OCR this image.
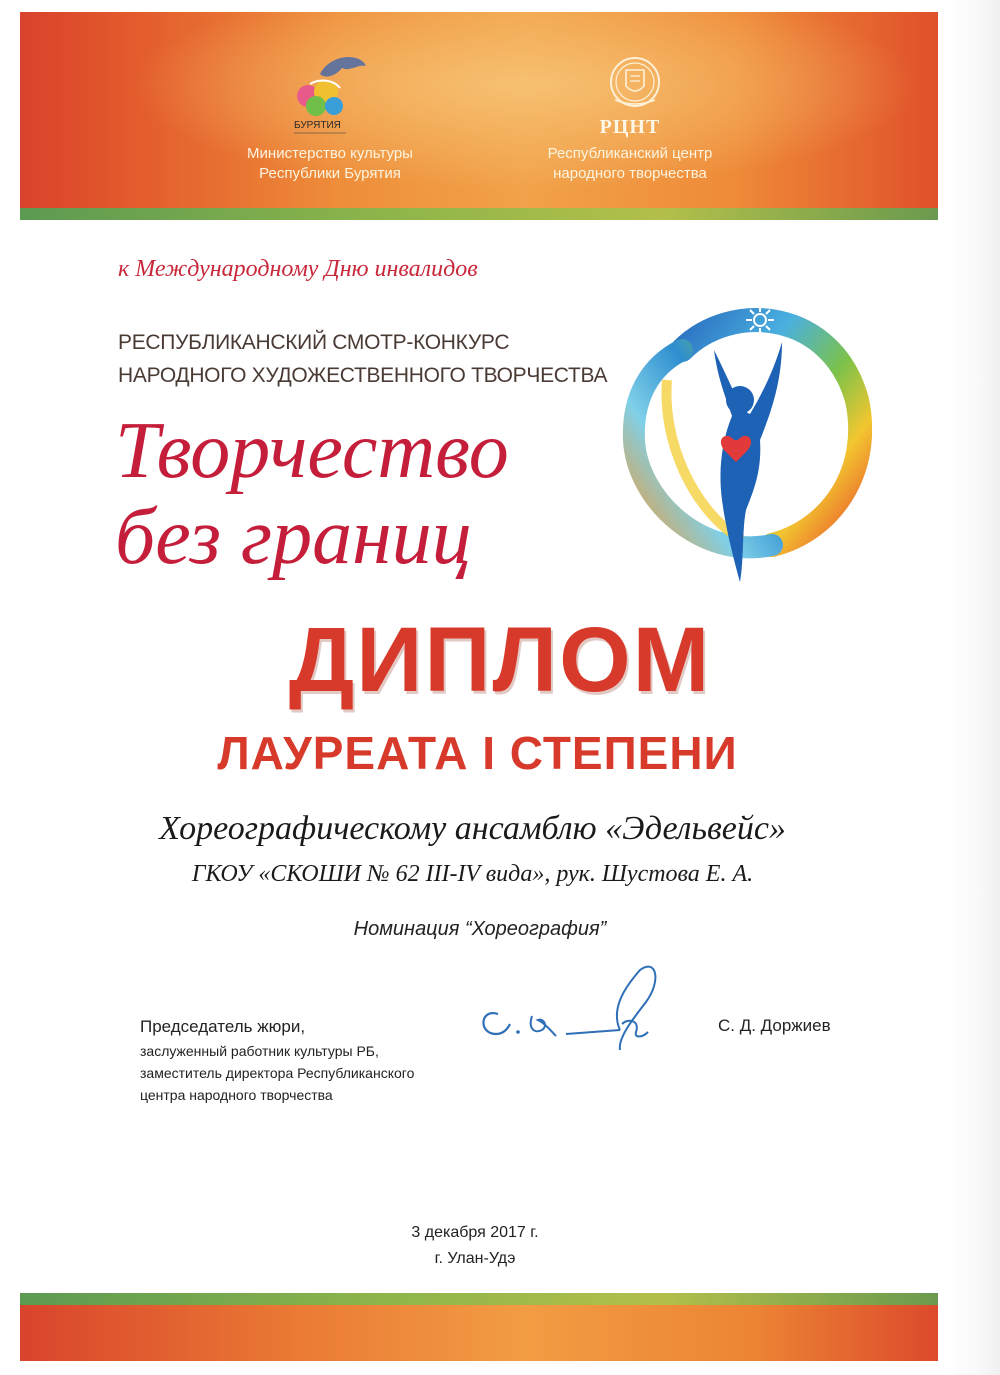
БУРЯТИЯ
Министерство культуры
Республики Бурятия
РЦНТ
Республиканский центр
народного творчества
к Международному Дню инвалидов
РЕСПУБЛИКАНСКИЙ СМОТР-КОНКУРС
НАРОДНОГО ХУДОЖЕСТВЕННОГО ТВОРЧЕСТВА
Творчество
без границ
ДИПЛОМ
ЛАУРЕАТА I СТЕПЕНИ
Хореографическому ансамблю «Эдельвейс»
ГКОУ «СКОШИ № 62 III-IV вида», рук. Шустова Е. А.
Номинация “Хореография”
Председатель жюри,
заслуженный работник культуры РБ,
заместитель директора Республиканского
центра народного творчества
С. Д. Доржиев
3 декабря 2017 г.
г. Улан-Удэ
